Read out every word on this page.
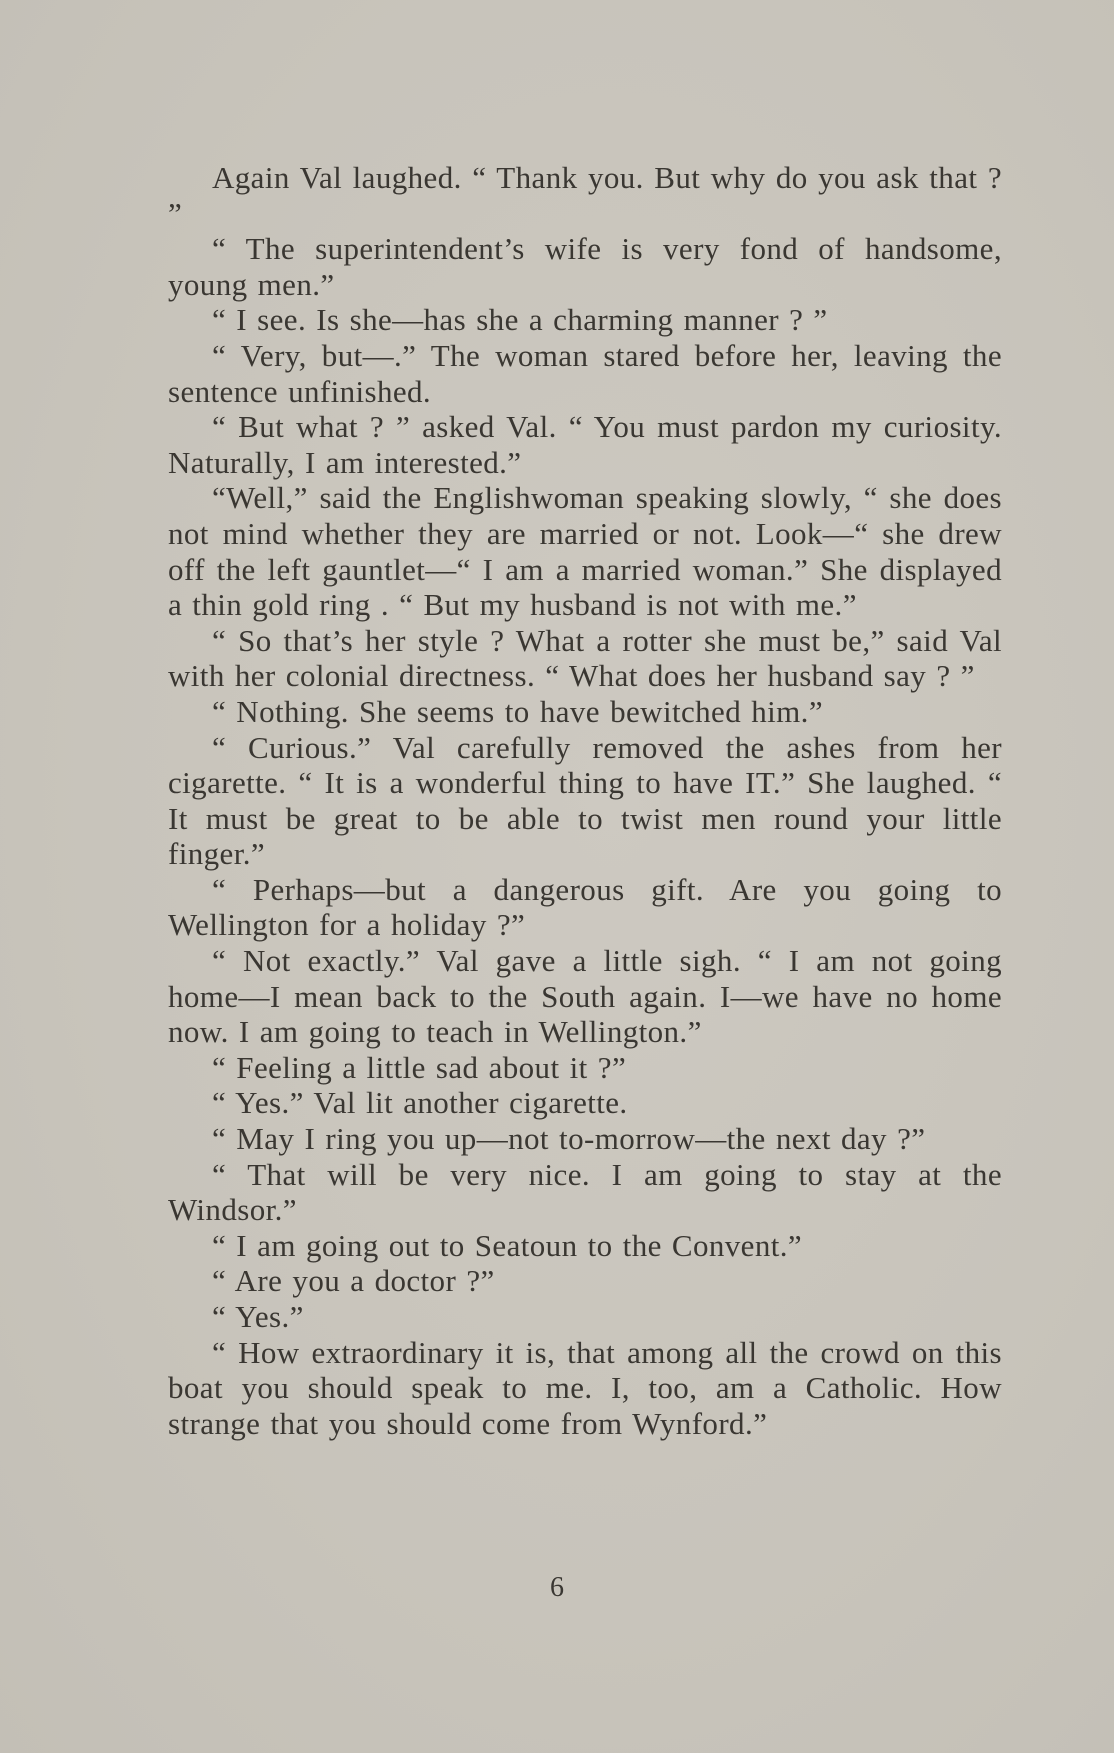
Again Val laughed. “ Thank you. But why do you ask that ? ”

“ The superintendent’s wife is very fond of handsome, young men.”

“ I see. Is she—has she a charming manner ? ”

“ Very, but—.” The woman stared before her, leaving the sentence unfinished.

“ But what ? ” asked Val. “ You must pardon my curiosity. Naturally, I am interested.”

“Well,” said the Englishwoman speaking slowly, “ she does not mind whether they are married or not. Look—“ she drew off the left gauntlet—“ I am a married woman.” She displayed a thin gold ring . “ But my husband is not with me.”

“ So that’s her style ? What a rotter she must be,” said Val with her colonial directness. “ What does her husband say ? ”

“ Nothing. She seems to have bewitched him.”

“ Curious.” Val carefully removed the ashes from her cigarette. “ It is a wonderful thing to have IT.” She laughed. “ It must be great to be able to twist men round your little finger.”

“ Perhaps—but a dangerous gift. Are you going to Wellington for a holiday ?”

“ Not exactly.” Val gave a little sigh. “ I am not going home—I mean back to the South again. I—we have no home now. I am going to teach in Wellington.”

“ Feeling a little sad about it ?”

“ Yes.” Val lit another cigarette.

“ May I ring you up—not to-morrow—the next day ?”

“ That will be very nice. I am going to stay at the Windsor.”

“ I am going out to Seatoun to the Convent.”

“ Are you a doctor ?”

“ Yes.”

“ How extraordinary it is, that among all the crowd on this boat you should speak to me. I, too, am a Catholic. How strange that you should come from Wynford.”

6
